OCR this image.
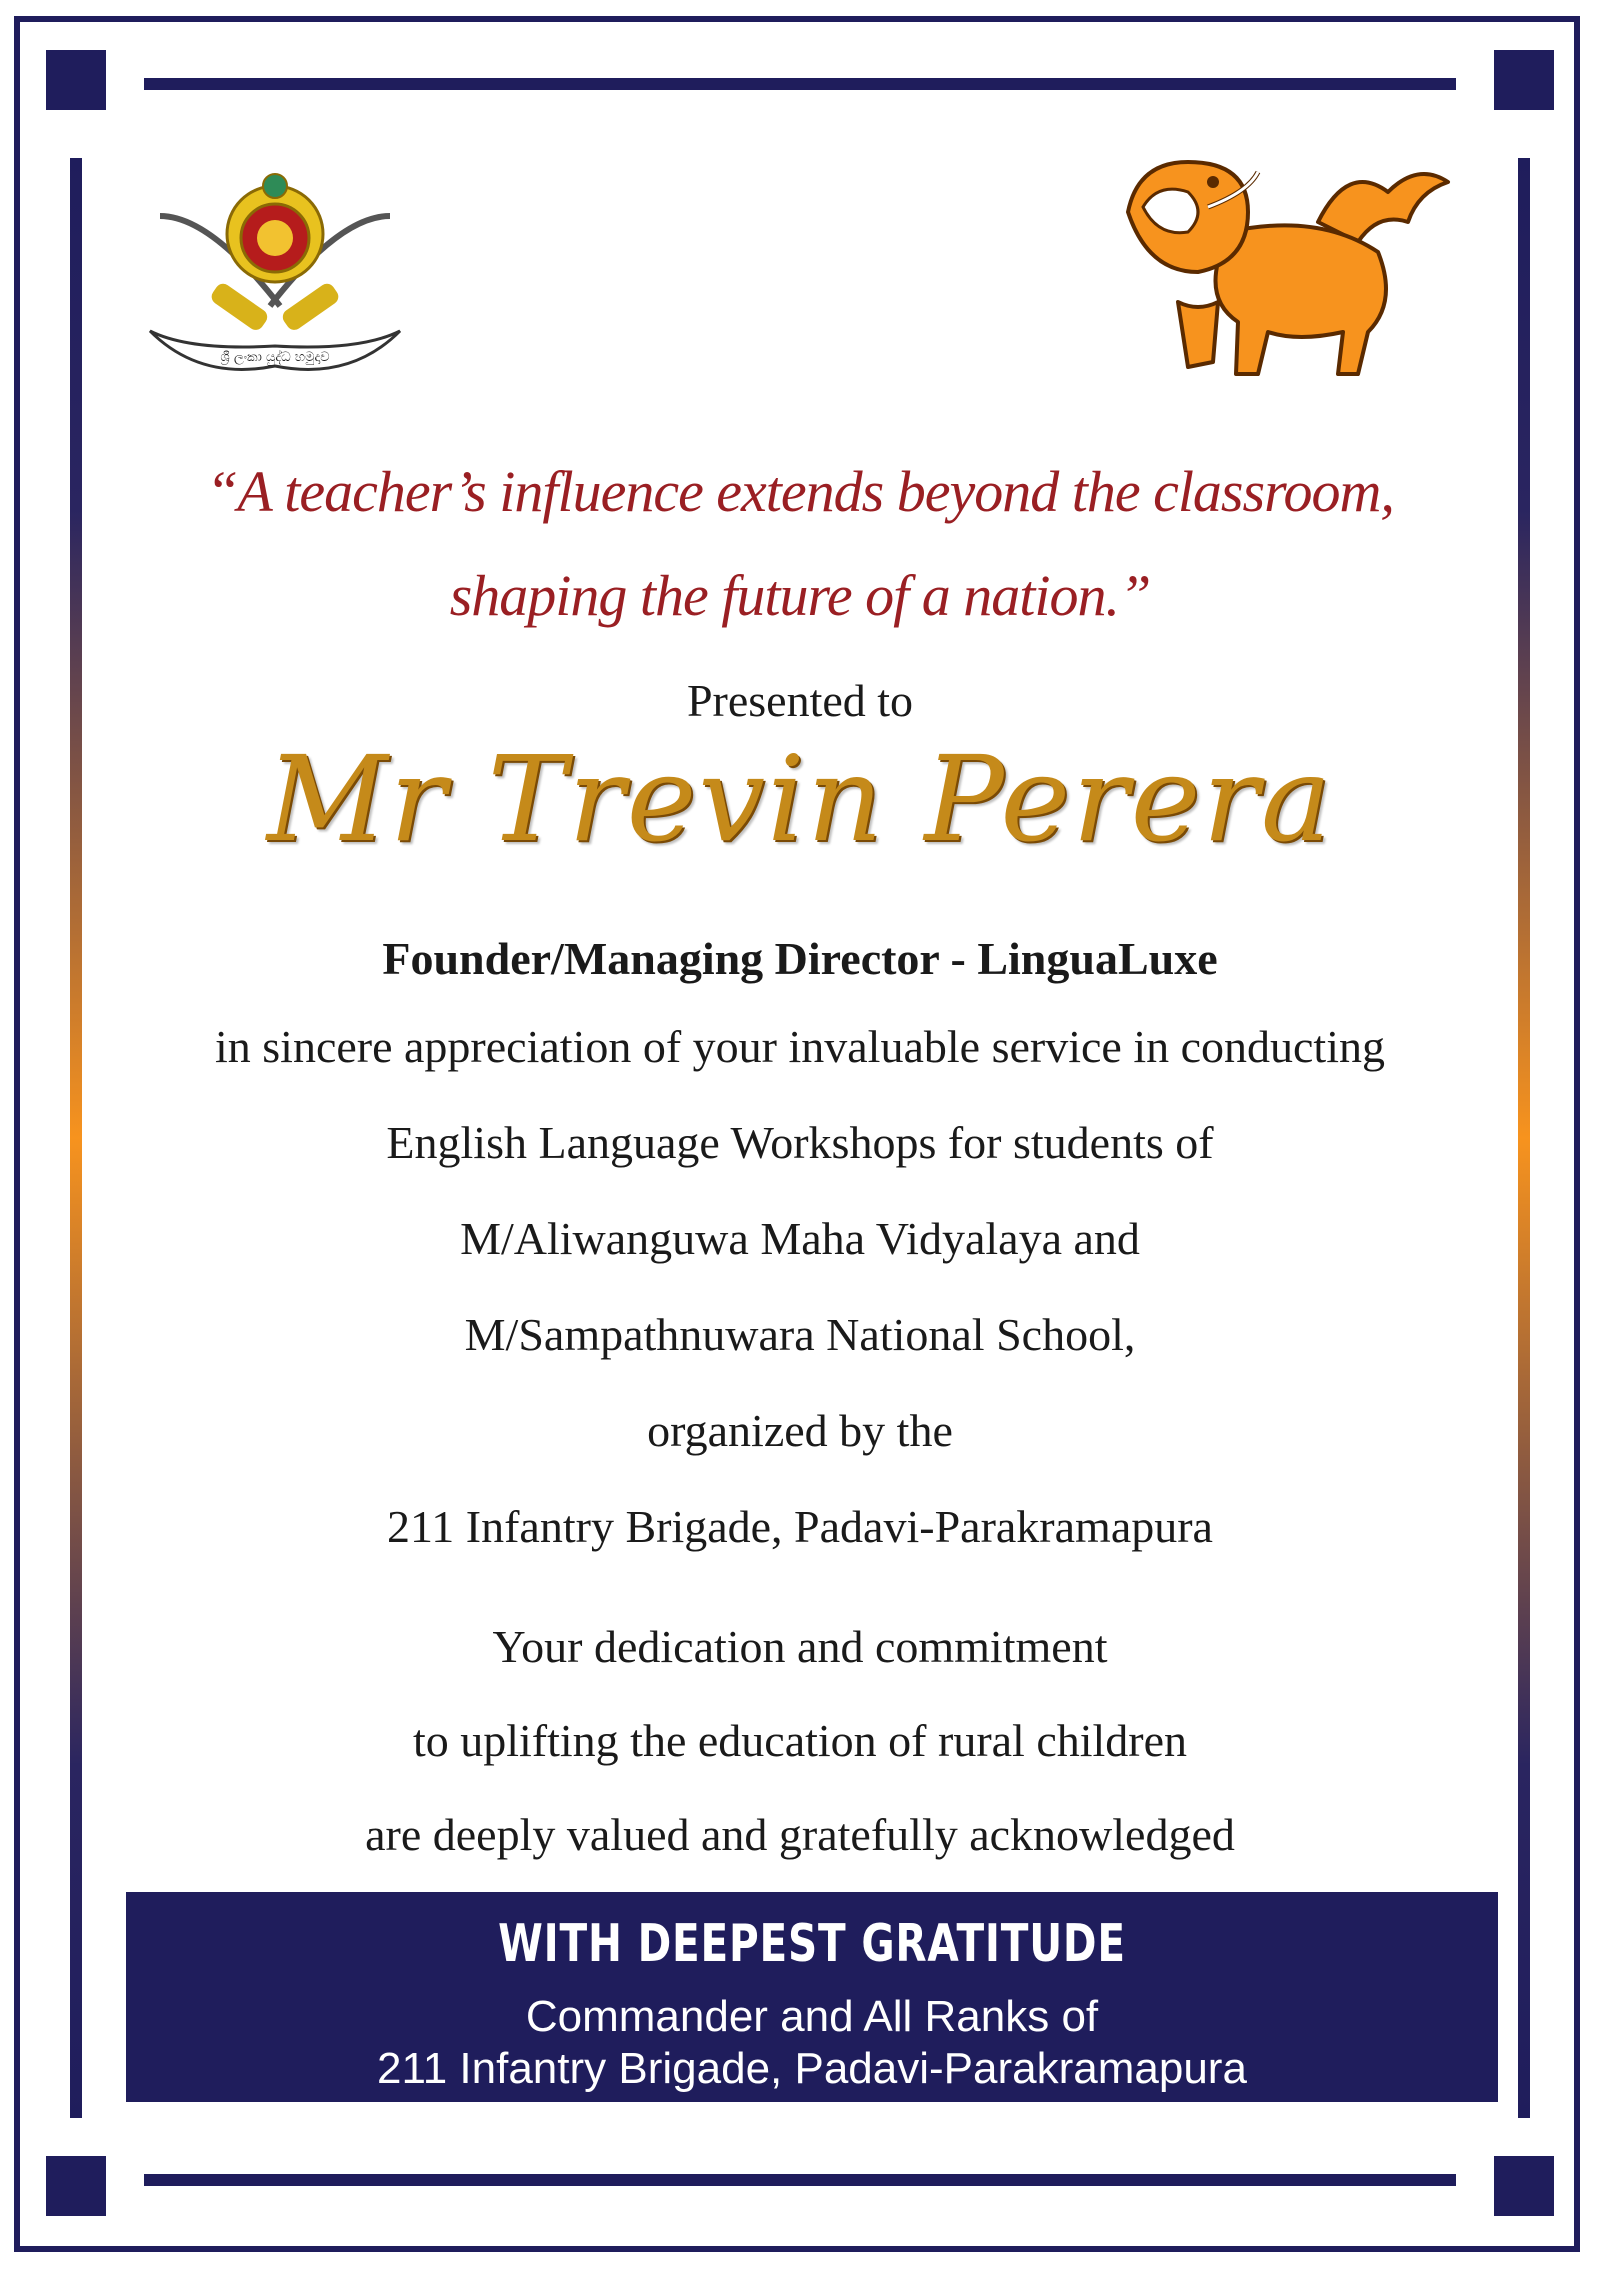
ශ්‍රී ලංකා යුද්ධ හමුදාව
“A teacher’s influence extends beyond the classroom,
shaping the future of a nation.”
Presented to
Mr Trevin Perera
Founder/Managing Director - LinguaLuxe
in sincere appreciation of your invaluable service in conducting
English Language Workshops for students of
M/Aliwanguwa Maha Vidyalaya and
M/Sampathnuwara National School,
organized by the
211 Infantry Brigade, Padavi-Parakramapura
Your dedication and commitment
to uplifting the education of rural children
are deeply valued and gratefully acknowledged
WITH DEEPEST GRATITUDE
Commander and All Ranks of
211 Infantry Brigade, Padavi-Parakramapura
